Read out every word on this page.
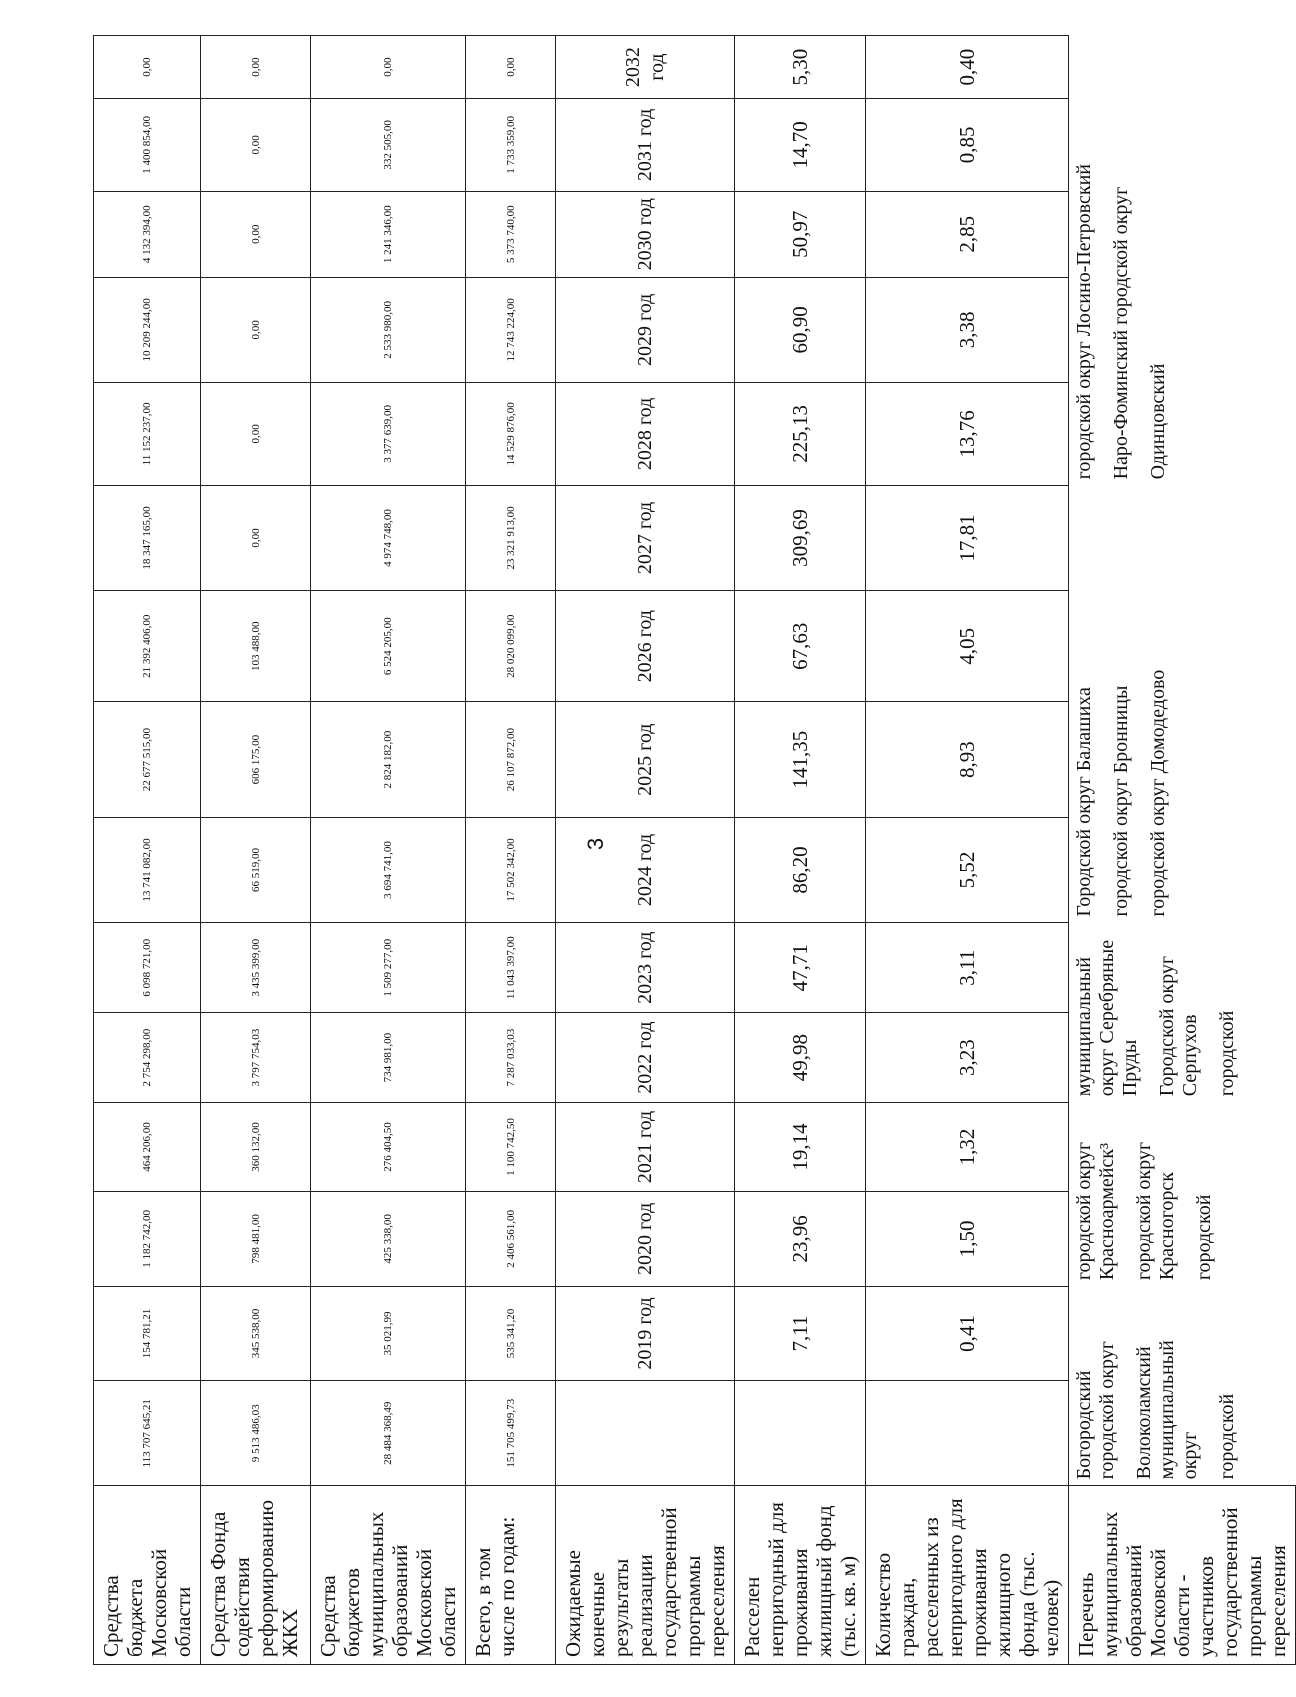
3
Средства бюджета Московской области	113 707 645,21	154 781,21	1 182 742,00	464 206,00	2 754 298,00	6 098 721,00	13 741 082,00	22 677 515,00	21 392 406,00	18 347 165,00	11 152 237,00	10 209 244,00	4 132 394,00	1 400 854,00	0,00
Средства Фонда содействия реформированию ЖКХ	9 513 486,03	345 538,00	798 481,00	360 132,00	3 797 754,03	3 435 399,00	66 519,00	606 175,00	103 488,00	0,00	0,00	0,00	0,00	0,00	0,00
Средства бюджетов муниципальных образований Московской области	28 484 368,49	35 021,99	425 338,00	276 404,50	734 981,00	1 509 277,00	3 694 741,00	2 824 182,00	6 524 205,00	4 974 748,00	3 377 639,00	2 533 980,00	1 241 346,00	332 505,00	0,00
Всего, в том числе по годам:	151 705 499,73	535 341,20	2 406 561,00	1 100 742,50	7 287 033,03	11 043 397,00	17 502 342,00	26 107 872,00	28 020 099,00	23 321 913,00	14 529 876,00	12 743 224,00	5 373 740,00	1 733 359,00	0,00
Ожидаемые конечные результаты реализации государственной программы переселения		2019 год	2020 год	2021 год	2022 год	2023 год	2024 год	2025 год	2026 год	2027 год	2028 год	2029 год	2030 год	2031 год	2032 год
Расселен непригодный для проживания жилищный фонд (тыс. кв. м)		7,11	23,96	19,14	49,98	47,71	86,20	141,35	67,63	309,69	225,13	60,90	50,97	14,70	5,30
Количество граждан, расселенных из непригодного для проживания жилищного фонда (тыс. человек)		0,41	1,50	1,32	3,23	3,11	5,52	8,93	4,05	17,81	13,76	3,38	2,85	0,85	0,40
Перечень муниципальных образований Московской области - участников государственной программы переселения	Богородский городской округ Волоколамский муниципальный округ городской		городской округ Красноармейск³ городской округ Красногорск городской		муниципальный округ Серебряные Пруды Городской округ Серпухов городской		Городской округ Балашиха городской округ Бронницы городской округ Домодедово				городской округ Лосино-Петровский Наро-Фоминский городской округ Одинцовский				
